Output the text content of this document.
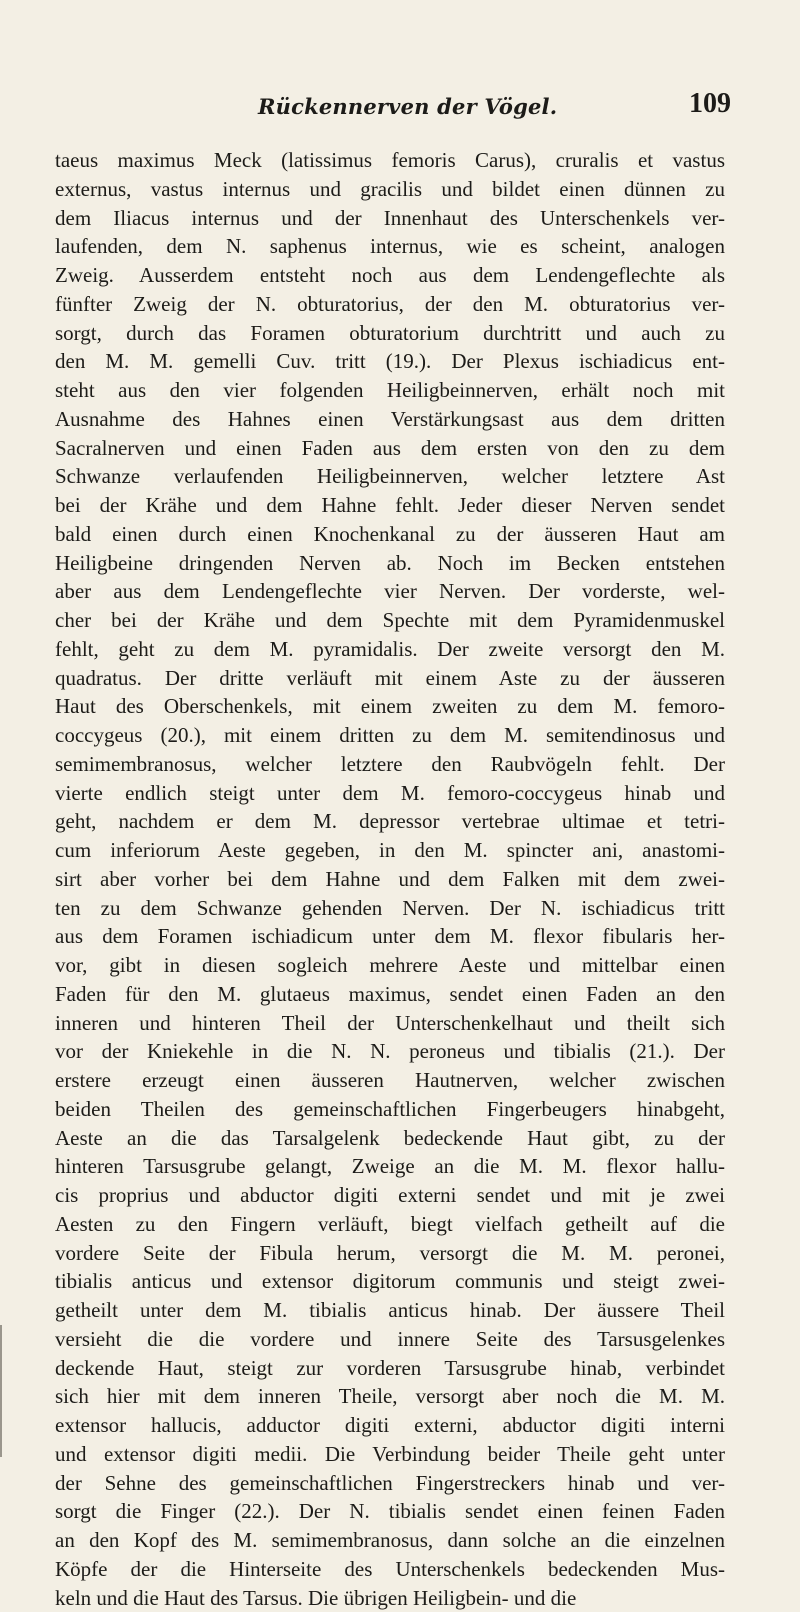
Rückennerven der Vögel.	109
taeus maximus Meck (latissimus femoris Carus), cruralis et vastus
externus, vastus internus und gracilis und bildet einen dünnen zu
dem Iliacus internus und der Innenhaut des Unterschenkels ver-
laufenden, dem N. saphenus internus, wie es scheint, analogen
Zweig. Ausserdem entsteht noch aus dem Lendengeflechte als
fünfter Zweig der N. obturatorius, der den M. obturatorius ver-
sorgt, durch das Foramen obturatorium durchtritt und auch zu
den M. M. gemelli Cuv. tritt (19.). Der Plexus ischiadicus ent-
steht aus den vier folgenden Heiligbeinnerven, erhält noch mit
Ausnahme des Hahnes einen Verstärkungsast aus dem dritten
Sacralnerven und einen Faden aus dem ersten von den zu dem
Schwanze verlaufenden Heiligbeinnerven, welcher letztere Ast
bei der Krähe und dem Hahne fehlt. Jeder dieser Nerven sendet
bald einen durch einen Knochenkanal zu der äusseren Haut am
Heiligbeine dringenden Nerven ab. Noch im Becken entstehen
aber aus dem Lendengeflechte vier Nerven. Der vorderste, wel-
cher bei der Krähe und dem Spechte mit dem Pyramidenmuskel
fehlt, geht zu dem M. pyramidalis. Der zweite versorgt den M.
quadratus. Der dritte verläuft mit einem Aste zu der äusseren
Haut des Oberschenkels, mit einem zweiten zu dem M. femoro-
coccygeus (20.), mit einem dritten zu dem M. semitendinosus und
semimembranosus, welcher letztere den Raubvögeln fehlt. Der
vierte endlich steigt unter dem M. femoro-coccygeus hinab und
geht, nachdem er dem M. depressor vertebrae ultimae et tetri-
cum inferiorum Aeste gegeben, in den M. spincter ani, anastomi-
sirt aber vorher bei dem Hahne und dem Falken mit dem zwei-
ten zu dem Schwanze gehenden Nerven. Der N. ischiadicus tritt
aus dem Foramen ischiadicum unter dem M. flexor fibularis her-
vor, gibt in diesen sogleich mehrere Aeste und mittelbar einen
Faden für den M. glutaeus maximus, sendet einen Faden an den
inneren und hinteren Theil der Unterschenkelhaut und theilt sich
vor der Kniekehle in die N. N. peroneus und tibialis (21.). Der
erstere erzeugt einen äusseren Hautnerven, welcher zwischen
beiden Theilen des gemeinschaftlichen Fingerbeugers hinabgeht,
Aeste an die das Tarsalgelenk bedeckende Haut gibt, zu der
hinteren Tarsusgrube gelangt, Zweige an die M. M. flexor hallu-
cis proprius und abductor digiti externi sendet und mit je zwei
Aesten zu den Fingern verläuft, biegt vielfach getheilt auf die
vordere Seite der Fibula herum, versorgt die M. M. peronei,
tibialis anticus und extensor digitorum communis und steigt zwei-
getheilt unter dem M. tibialis anticus hinab. Der äussere Theil
versieht die die vordere und innere Seite des Tarsusgelenkes
deckende Haut, steigt zur vorderen Tarsusgrube hinab, verbindet
sich hier mit dem inneren Theile, versorgt aber noch die M. M.
extensor hallucis, adductor digiti externi, abductor digiti interni
und extensor digiti medii. Die Verbindung beider Theile geht unter
der Sehne des gemeinschaftlichen Fingerstreckers hinab und ver-
sorgt die Finger (22.). Der N. tibialis sendet einen feinen Faden
an den Kopf des M. semimembranosus, dann solche an die einzelnen
Köpfe der die Hinterseite des Unterschenkels bedeckenden Mus-
keln und die Haut des Tarsus. Die übrigen Heiligbein- und die
